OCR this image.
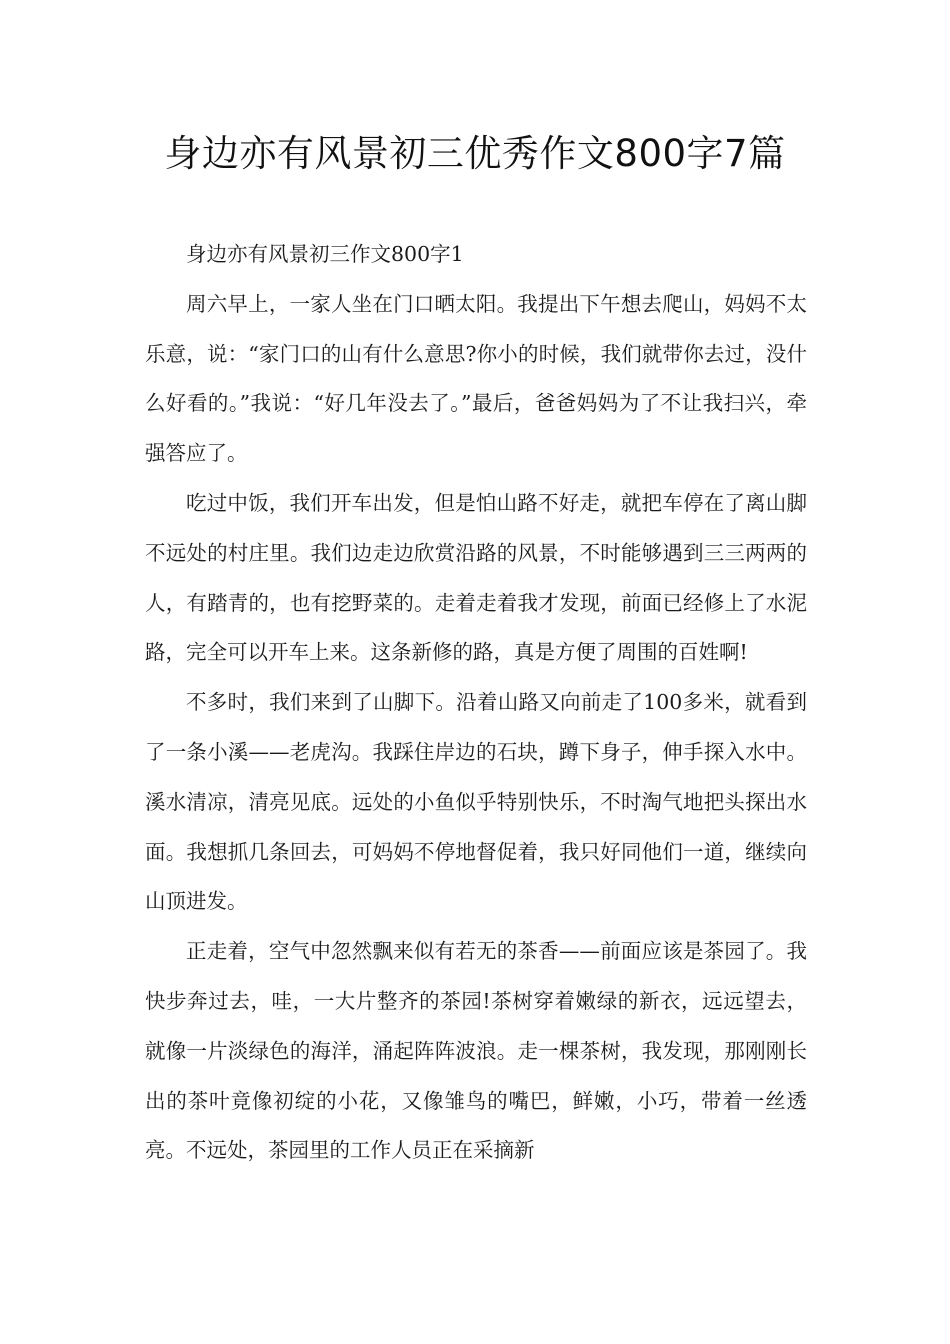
身边亦有风景初三优秀作文800字7篇

身边亦有风景初三作文800字1

周六早上，一家人坐在门口晒太阳。我提出下午想去爬山，妈妈不太乐意，说：“家门口的山有什么意思?你小的时候，我们就带你去过，没什么好看的。”我说：“好几年没去了。”最后，爸爸妈妈为了不让我扫兴，牵强答应了。

吃过中饭，我们开车出发，但是怕山路不好走，就把车停在了离山脚不远处的村庄里。我们边走边欣赏沿路的风景，不时能够遇到三三两两的人，有踏青的，也有挖野菜的。走着走着我才发现，前面已经修上了水泥路，完全可以开车上来。这条新修的路，真是方便了周围的百姓啊!

不多时，我们来到了山脚下。沿着山路又向前走了100多米，就看到了一条小溪——老虎沟。我踩住岸边的石块，蹲下身子，伸手探入水中。溪水清凉，清亮见底。远处的小鱼似乎特别快乐，不时淘气地把头探出水面。我想抓几条回去，可妈妈不停地督促着，我只好同他们一道，继续向山顶进发。

正走着，空气中忽然飘来似有若无的茶香——前面应该是茶园了。我快步奔过去，哇，一大片整齐的茶园!茶树穿着嫩绿的新衣，远远望去，就像一片淡绿色的海洋，涌起阵阵波浪。走一棵茶树，我发现，那刚刚长出的茶叶竟像初绽的小花，又像雏鸟的嘴巴，鲜嫩，小巧，带着一丝透亮。不远处，茶园里的工作人员正在采摘新
